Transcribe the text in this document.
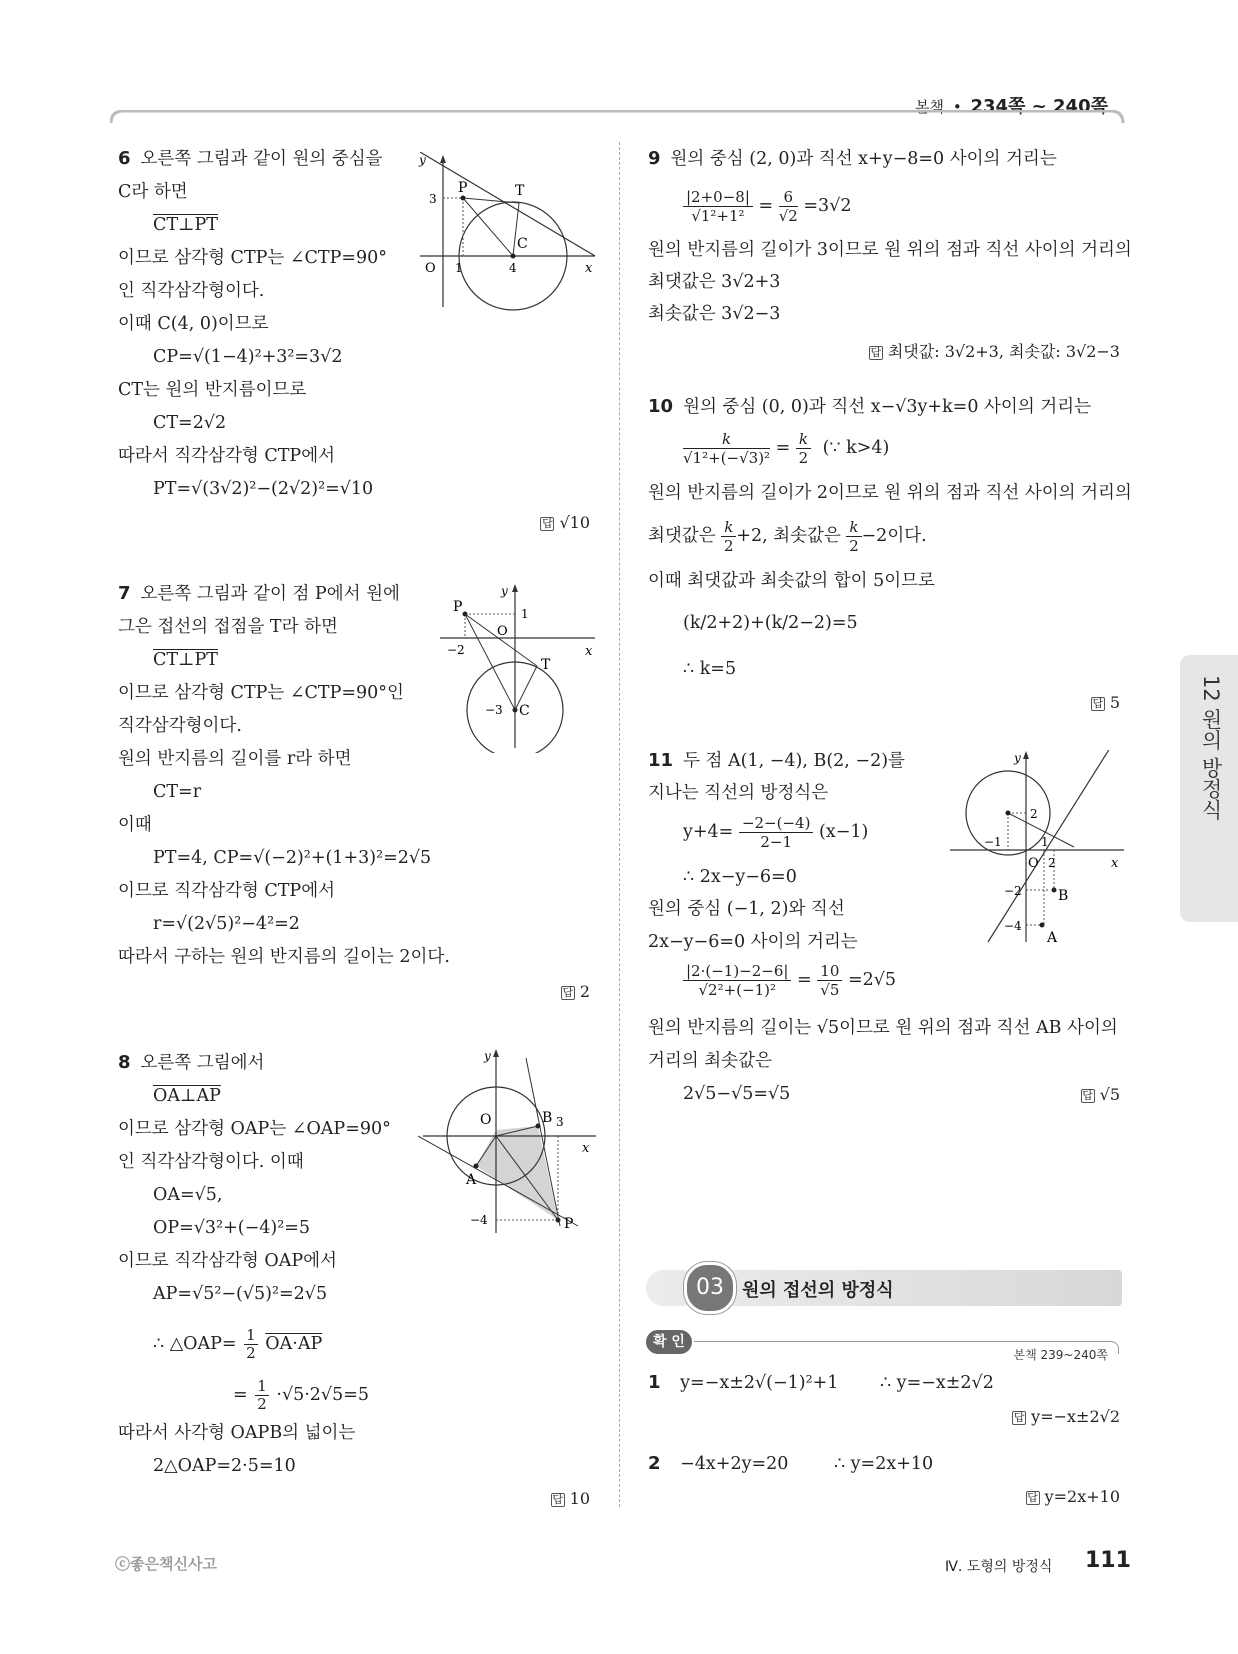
본책 • 234쪽 ~ 240쪽
12 원의 방정식
6 오른쪽 그림과 같이 원의 중심을
C라 하면
CT⊥PT
이므로 삼각형 CTP는 ∠CTP=90°
인 직각삼각형이다.
이때 C(4, 0)이므로
CP=√(1−4)²+3²=3√2
CT는 원의 반지름이므로
CT=2√2
따라서 직각삼각형 CTP에서
PT=√(3√2)²−(2√2)²=√10
답 √10
y
x
O
P	T
C
3
1	4
7 오른쪽 그림과 같이 점 P에서 원에
그은 접선의 접점을 T라 하면
CT⊥PT
이므로 삼각형 CTP는 ∠CTP=90°인
직각삼각형이다.
원의 반지름의 길이를 r라 하면
CT=r
이때
PT=4, CP=√(−2)²+(1+3)²=2√5
이므로 직각삼각형 CTP에서
r=√(2√5)²−4²=2
따라서 구하는 원의 반지름의 길이는 2이다.
답 2
y
x
O
P
T
C
1
−2
−3
8 오른쪽 그림에서
OA⊥AP
이므로 삼각형 OAP는 ∠OAP=90°
인 직각삼각형이다. 이때
OA=√5,
OP=√3²+(−4)²=5
이므로 직각삼각형 OAP에서
AP=√5²−(√5)²=2√5
∴ △OAP= $\frac{1}{2} OA\cdot AP$
= $\frac{1}{2} \cdot√5\cdot 2√5=5$
따라서 사각형 OAPB의 넓이는
2△OAP=2·5=10
답 10
y
x
O
A
B
P
3
−4
9 원의 중심 (2, 0)과 직선 x+y−8=0 사이의 거리는
$\frac{|2+0-8|}{\text{√1²+1²}} = \frac{6}{√2} =3√2$
원의 반지름의 길이가 3이므로 원 위의 점과 직선 사이의 거리의
최댓값은 3√2+3
최솟값은 3√2−3
답 최댓값: 3√2+3, 최솟값: 3√2−3
10 원의 중심 (0, 0)과 직선 x−√3y+k=0 사이의 거리는
$\frac{k}{\text{√1²+(−√3)²}} = \frac{k}{2}$ (∵ k>4)
원의 반지름의 길이가 2이므로 원 위의 점과 직선 사이의 거리의
최댓값은 $\frac{k}{2} +2$, 최솟값은 $\frac{k}{2} -2$이다.
이때 최댓값과 최솟값의 합이 5이므로
(k/2+2)+(k/2−2)=5
∴ k=5
답 5
11 두 점 A(1, −4), B(2, −2)를
지나는 직선의 방정식은
$y+4= \frac{-2-(-4)}{2-1} (x-1)$
∴ 2x−y−6=0
원의 중심 (−1, 2)와 직선
2x−y−6=0 사이의 거리는
$\frac{|2\cdot(-1)-2-6|}{\text{√2²+(−1)²}} = \frac{10}{√5} =2√5$
원의 반지름의 길이는 √5이므로 원 위의 점과 직선 AB 사이의
거리의 최솟값은
2√5−√5=√5	답 √5
y
x
O
A
B
2
−1	1
2
−2
−4
03	원의 접선의 방정식
확 인
본책 239~240쪽
1 y=−x±2√(−1)²+1 ∴ y=−x±2√2
답 y=−x±2√2
2 −4x+2y=20	∴ y=2x+10
답 y=2x+10
ⓒ좋은책신사고	Ⅳ. 도형의 방정식 111
